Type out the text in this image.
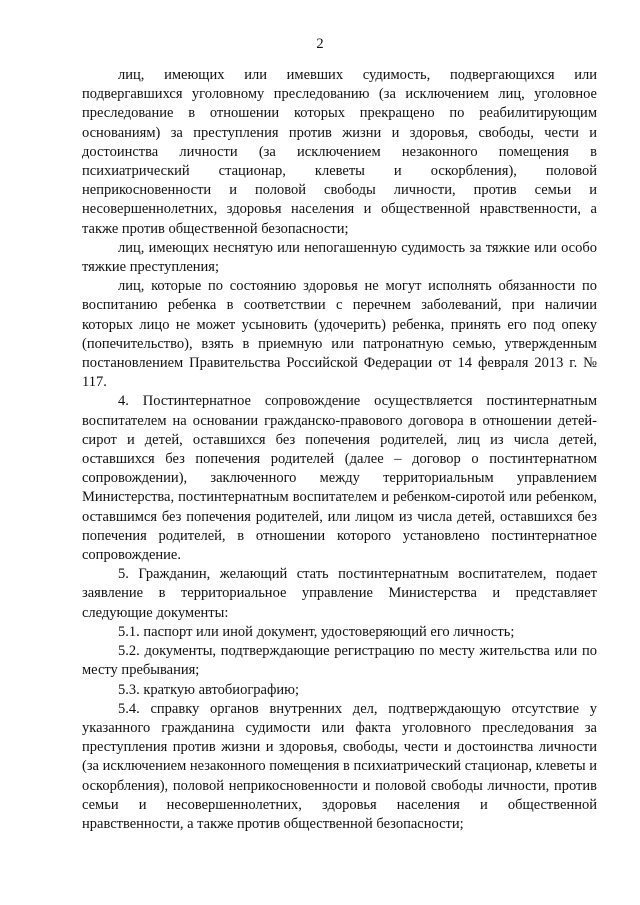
2

лиц, имеющих или имевших судимость, подвергающихся или подвергавшихся уголовному преследованию (за исключением лиц, уголовное преследование в отношении которых прекращено по реабилитирующим основаниям) за преступления против жизни и здоровья, свободы, чести и достоинства личности (за исключением незаконного помещения в психиатрический стационар, клеветы и оскорбления), половой неприкосновенности и половой свободы личности, против семьи и несовершеннолетних, здоровья населения и общественной нравственности, а также против общественной безопасности;

лиц, имеющих неснятую или непогашенную судимость за тяжкие или особо тяжкие преступления;

лиц, которые по состоянию здоровья не могут исполнять обязанности по воспитанию ребенка в соответствии с перечнем заболеваний, при наличии которых лицо не может усыновить (удочерить) ребенка, принять его под опеку (попечительство), взять в приемную или патронатную семью, утвержденным постановлением Правительства Российской Федерации от 14 февраля 2013 г. № 117.

4. Постинтернатное сопровождение осуществляется постинтернатным воспитателем на основании гражданско-правового договора в отношении детей-сирот и детей, оставшихся без попечения родителей, лиц из числа детей, оставшихся без попечения родителей (далее – договор о постинтернатном сопровождении), заключенного между территориальным управлением Министерства, постинтернатным воспитателем и ребенком-сиротой или ребенком, оставшимся без попечения родителей, или лицом из числа детей, оставшихся без попечения родителей, в отношении которого установлено постинтернатное сопровождение.

5. Гражданин, желающий стать постинтернатным воспитателем, подает заявление в территориальное управление Министерства и представляет следующие документы:

5.1. паспорт или иной документ, удостоверяющий его личность;

5.2. документы, подтверждающие регистрацию по месту жительства или по месту пребывания;

5.3. краткую автобиографию;

5.4. справку органов внутренних дел, подтверждающую отсутствие у указанного гражданина судимости или факта уголовного преследования за преступления против жизни и здоровья, свободы, чести и достоинства личности (за исключением незаконного помещения в психиатрический стационар, клеветы и оскорбления), половой неприкосновенности и половой свободы личности, против семьи и несовершеннолетних, здоровья населения и общественной нравственности, а также против общественной безопасности;
